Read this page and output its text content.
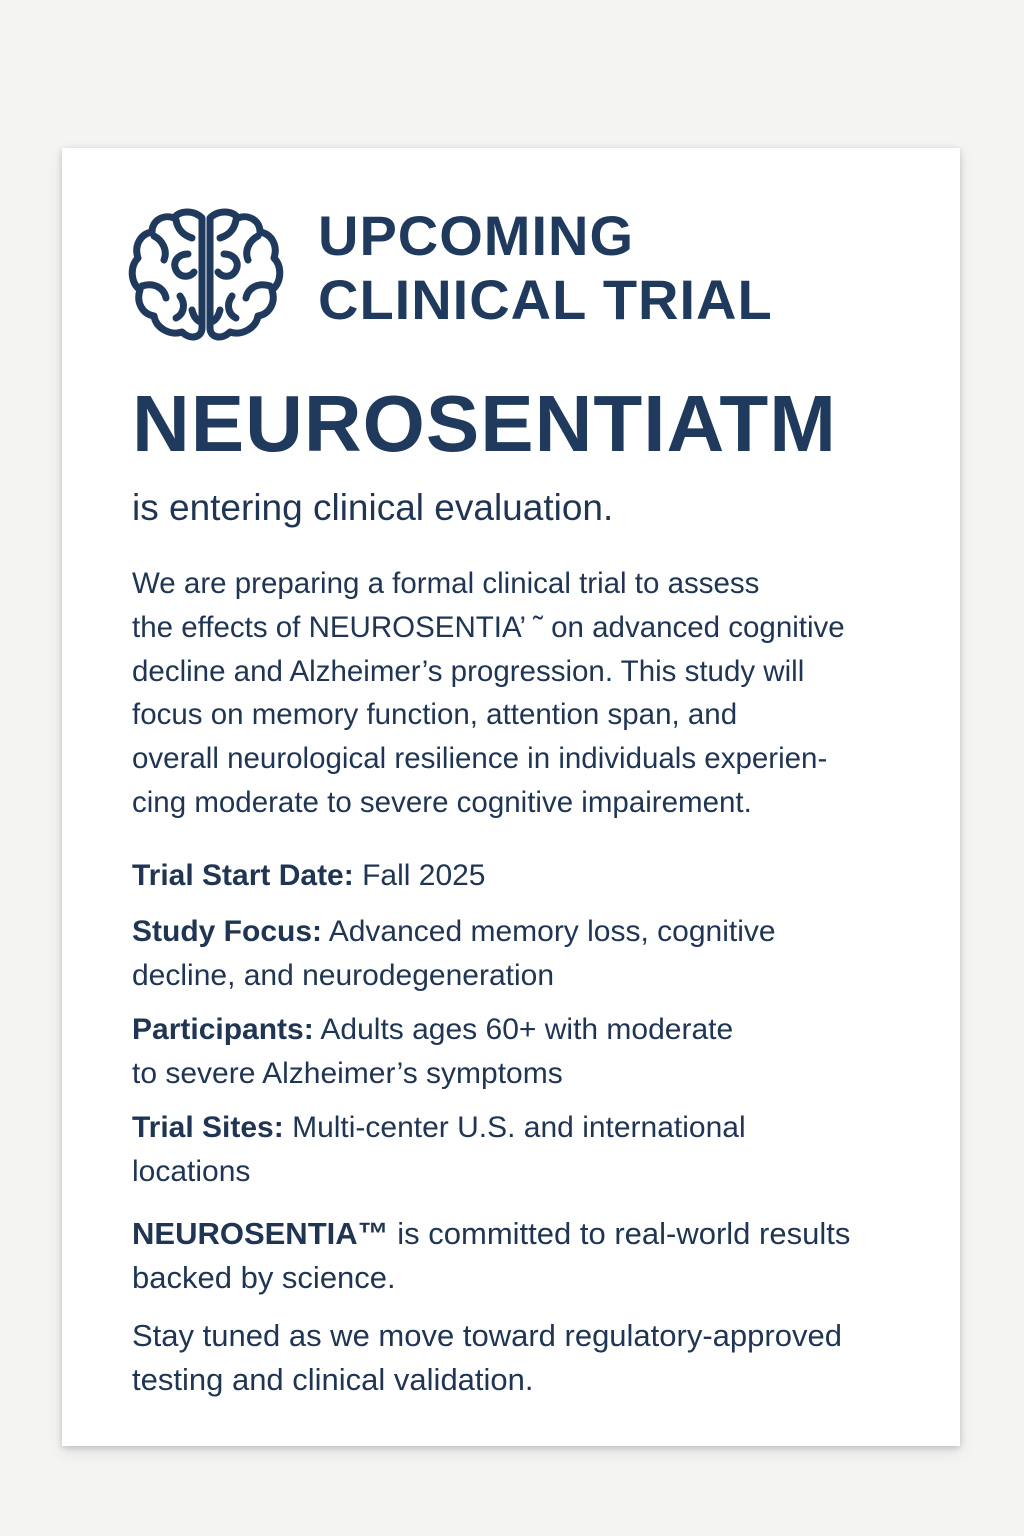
UPCOMING
CLINICAL TRIAL
NEUROSENTIATM
is entering clinical evaluation.
We are preparing a formal clinical trial to assess
the effects of NEUROSENTIA’ ˜ on advanced cognitive
decline and Alzheimer’s progression. This study will
focus on memory function, attention span, and
overall neurological resilience in individuals experien-
cing moderate to severe cognitive impairement.
Trial Start Date: Fall 2025
Study Focus: Advanced memory loss, cognitive
decline, and neurodegeneration
Participants: Adults ages 60+ with moderate
to severe Alzheimer’s symptoms
Trial Sites: Multi-center U.S. and international
locations
NEUROSENTIA™ is committed to real-world results
backed by science.
Stay tuned as we move toward regulatory-approved
testing and clinical validation.
